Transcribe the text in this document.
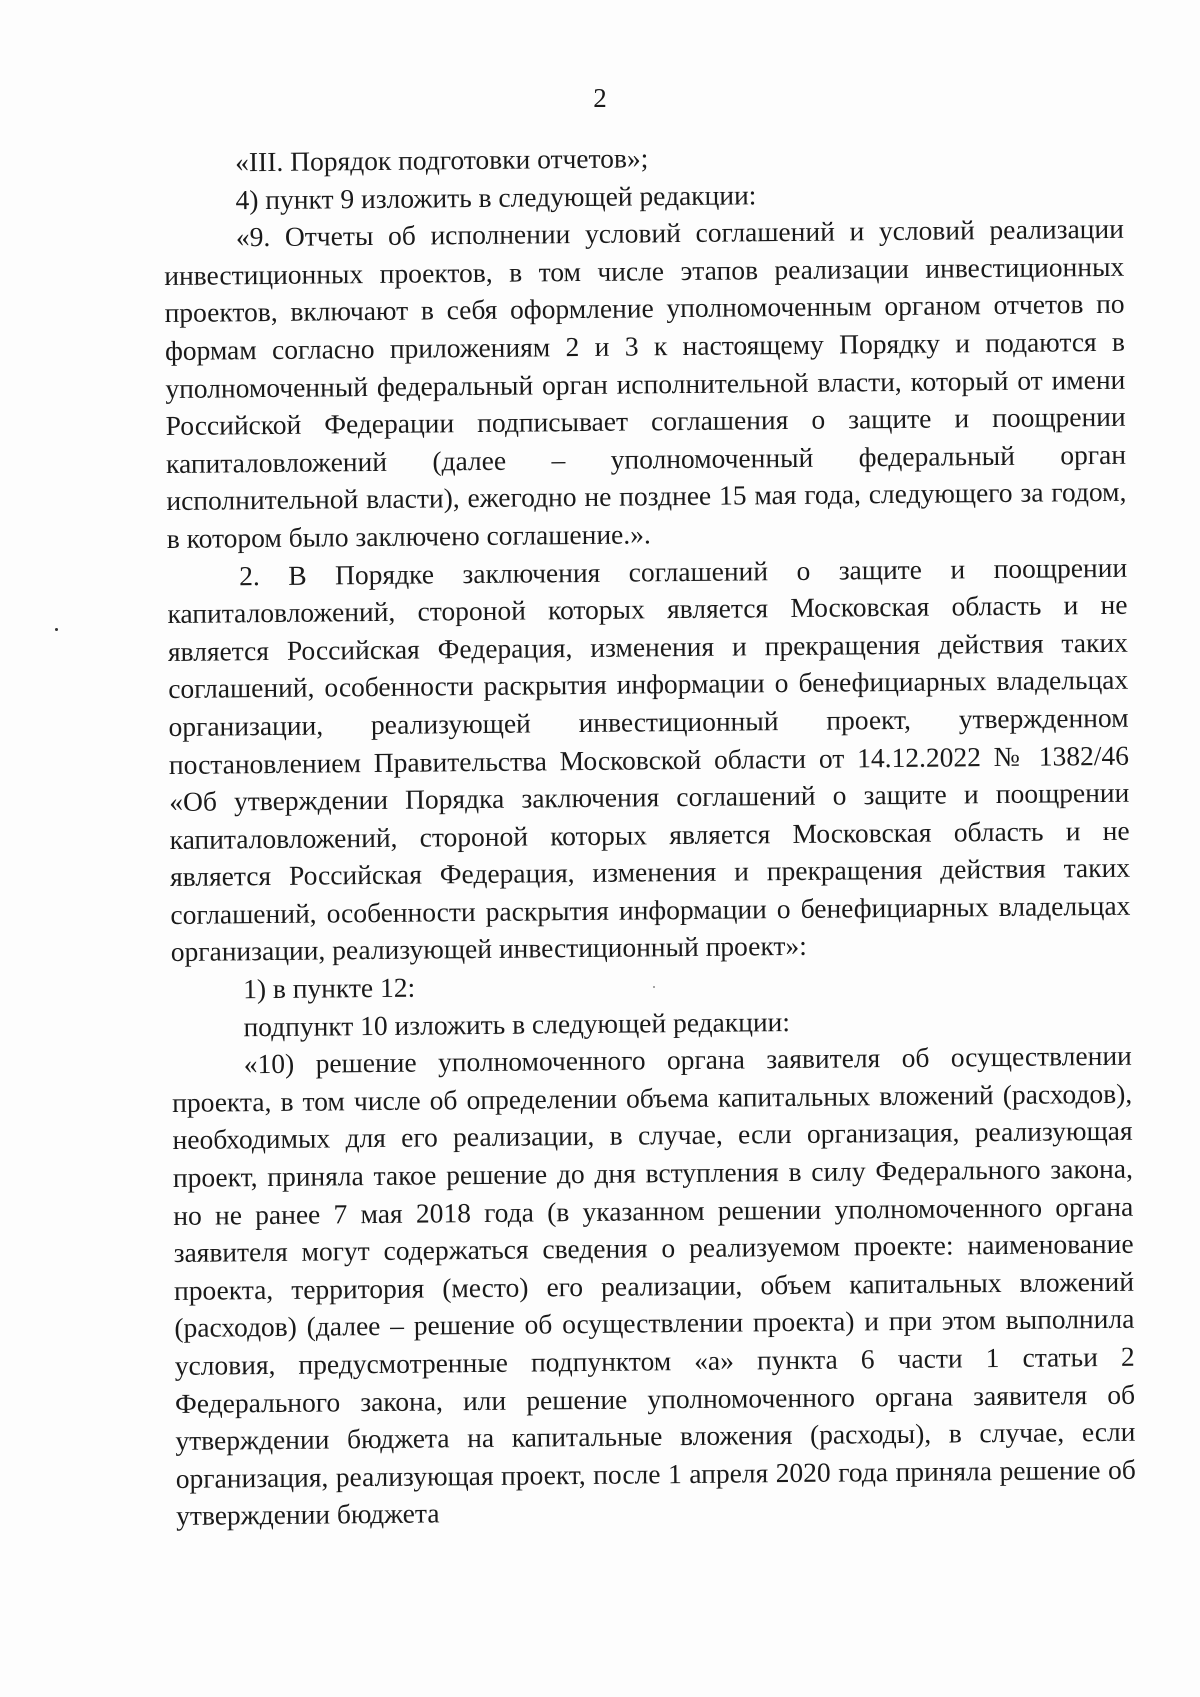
2

«III. Порядок подготовки отчетов»;

4) пункт 9 изложить в следующей редакции:

«9. Отчеты об исполнении условий соглашений и условий реализации инвестиционных проектов, в том числе этапов реализации инвестиционных проектов, включают в себя оформление уполномоченным органом отчетов по формам согласно приложениям 2 и 3 к настоящему Порядку и подаются в уполномоченный федеральный орган исполнительной власти, который от имени Российской Федерации подписывает соглашения о защите и поощрении капиталовложений (далее – уполномоченный федеральный орган исполнительной власти), ежегодно не позднее 15 мая года, следующего за годом, в котором было заключено соглашение.».

2. В Порядке заключения соглашений о защите и поощрении капиталовложений, стороной которых является Московская область и не является Российская Федерация, изменения и прекращения действия таких соглашений, особенности раскрытия информации о бенефициарных владельцах организации, реализующей инвестиционный проект, утвержденном постановлением Правительства Московской области от 14.12.2022 № 1382/46 «Об утверждении Порядка заключения соглашений о защите и поощрении капиталовложений, стороной которых является Московская область и не является Российская Федерация, изменения и прекращения действия таких соглашений, особенности раскрытия информации о бенефициарных владельцах организации, реализующей инвестиционный проект»:

1) в пункте 12:

подпункт 10 изложить в следующей редакции:

«10) решение уполномоченного органа заявителя об осуществлении проекта, в том числе об определении объема капитальных вложений (расходов), необходимых для его реализации, в случае, если организация, реализующая проект, приняла такое решение до дня вступления в силу Федерального закона, но не ранее 7 мая 2018 года (в указанном решении уполномоченного органа заявителя могут содержаться сведения о реализуемом проекте: наименование проекта, территория (место) его реализации, объем капитальных вложений (расходов) (далее – решение об осуществлении проекта) и при этом выполнила условия, предусмотренные подпунктом «а» пункта 6 части 1 статьи 2 Федерального закона, или решение уполномоченного органа заявителя об утверждении бюджета на капитальные вложения (расходы), в случае, если организация, реализующая проект, после 1 апреля 2020 года приняла решение об утверждении бюджета
